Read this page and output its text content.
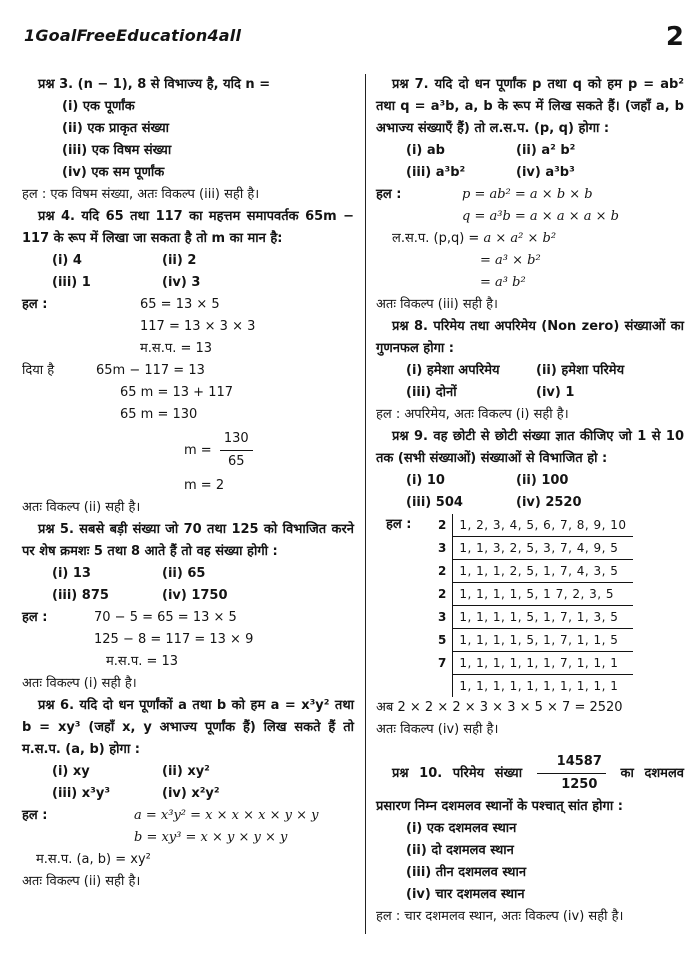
1GoalFreeEducation4all	2

प्रश्न 3. (n − 1), 8 से विभाज्य है, यदि n =

(i) एक पूर्णांक
(ii) एक प्राकृत संख्या
(iii) एक विषम संख्या
(iv) एक सम पूर्णांक
हल : एक विषम संख्या, अतः विकल्प (iii) सही है।

प्रश्न 4. यदि 65 तथा 117 का महत्तम समापवर्तक 65m − 117 के रूप में लिखा जा सकता है तो m का मान है:

(i) 4	(ii) 2
(iii) 1	(iv) 3
हल :	65 = 13 × 5
117 = 13 × 3 × 3
म.स.प. = 13
दिया है	65m − 117 = 13
65 m = 13 + 117
65 m = 130
$m = \frac{130}{65}$
m = 2
अतः विकल्प (ii) सही है।

प्रश्न 5. सबसे बड़ी संख्या जो 70 तथा 125 को विभाजित करने पर शेष क्रमशः 5 तथा 8 आते हैं तो वह संख्या होगी :

(i) 13	(ii) 65
(iii) 875	(iv) 1750
हल :	70 − 5 = 65 = 13 × 5
125 − 8 = 117 = 13 × 9
म.स.प. = 13
अतः विकल्प (i) सही है।

प्रश्न 6. यदि दो धन पूर्णांकों a तथा b को हम a = x³y² तथा b = xy³ (जहाँ x, y अभाज्य पूर्णांक हैं) लिख सकते हैं तो म.स.प. (a, b) होगा :

(i) xy	(ii) xy²
(iii) x³y³	(iv) x²y²
हल :	a = x³y² = x × x × x × y × y
b = xy³ = x × y × y × y
म.स.प. (a, b) = xy²
अतः विकल्प (ii) सही है।

प्रश्न 7. यदि दो धन पूर्णांक p तथा q को हम p = ab² तथा q = a³b, a, b के रूप में लिख सकते हैं। (जहाँ a, b अभाज्य संख्याएँ हैं) तो ल.स.प. (p, q) होगा :

(i) ab	(ii) a² b²
(iii) a³b²	(iv) a³b³
हल :	p = ab² = a × b × b
q = a³b = a × a × a × b
ल.स.प. (p,q) = a × a² × b²
= a³ × b²
= a³ b²
अतः विकल्प (iii) सही है।

प्रश्न 8. परिमेय तथा अपरिमेय (Non zero) संख्याओं का गुणनफल होगा :

(i) हमेशा अपरिमेय	(ii) हमेशा परिमेय
(iii) दोनों	(iv) 1
हल : अपरिमेय, अतः विकल्प (i) सही है।

प्रश्न 9. वह छोटी से छोटी संख्या ज्ञात कीजिए जो 1 से 10 तक (सभी संख्याओं) संख्याओं से विभाजित हो :

(i) 10	(ii) 100
(iii) 504	(iv) 2520
हल : 2	1, 2, 3, 4, 5, 6, 7, 8, 9, 10
3	1, 1, 3, 2, 5, 3, 7, 4, 9, 5
2	1, 1, 1, 2, 5, 1, 7, 4, 3, 5
2	1, 1, 1, 1, 5, 1 7, 2, 3, 5
3	1, 1, 1, 1, 5, 1, 7, 1, 3, 5
5	1, 1, 1, 1, 5, 1, 7, 1, 1, 5
7	1, 1, 1, 1, 1, 1, 7, 1, 1, 1
	1, 1, 1, 1, 1, 1, 1, 1, 1, 1
अब 2 × 2 × 2 × 3 × 3 × 5 × 7 = 2520
अतः विकल्प (iv) सही है।

प्रश्न 10. परिमेय संख्या $\frac{14587}{1250}$ का दशमलव प्रसारण निम्न दशमलव स्थानों के पश्चात् सांत होगा :

(i) एक दशमलव स्थान
(ii) दो दशमलव स्थान
(iii) तीन दशमलव स्थान
(iv) चार दशमलव स्थान
हल : चार दशमलव स्थान, अतः विकल्प (iv) सही है।
